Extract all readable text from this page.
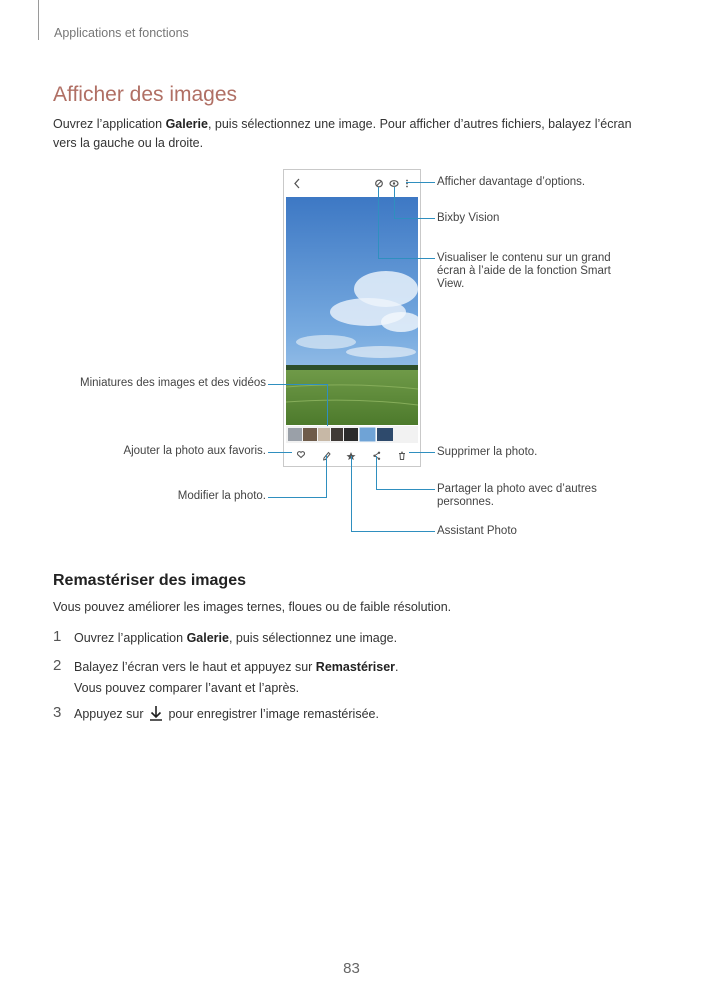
Applications et fonctions
Afficher des images
Ouvrez l’application Galerie, puis sélectionnez une image. Pour afficher d’autres fichiers, balayez l’écran vers la gauche ou la droite.
Afficher davantage d’options.
Bixby Vision
Visualiser le contenu sur un grand écran à l’aide de la fonction Smart View.
Miniatures des images et des vidéos
Ajouter la photo aux favoris.
Modifier la photo.
Supprimer la photo.
Partager la photo avec d’autres personnes.
Assistant Photo
Remastériser des images
Vous pouvez améliorer les images ternes, floues ou de faible résolution.
1 Ouvrez l’application Galerie, puis sélectionnez une image.
2 Balayez l’écran vers le haut et appuyez sur Remastériser.
Vous pouvez comparer l’avant et l’après.
3 Appuyez sur  pour enregistrer l’image remastérisée.
83
